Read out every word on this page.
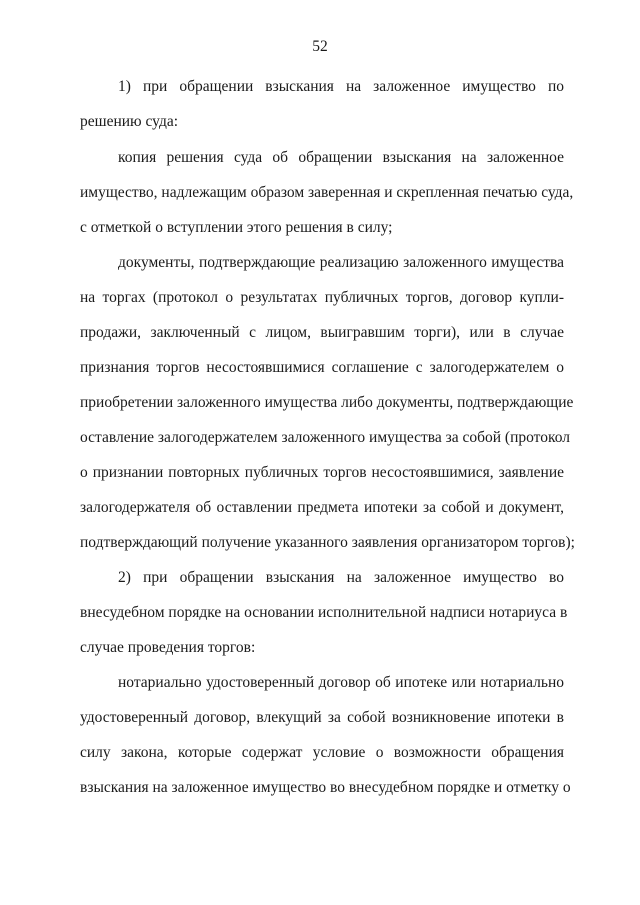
52
1) при обращении взыскания на заложенное имущество по
решению суда:
копия решения суда об обращении взыскания на заложенное
имущество, надлежащим образом заверенная и скрепленная печатью суда,
с отметкой о вступлении этого решения в силу;
документы, подтверждающие реализацию заложенного имущества
на торгах (протокол о результатах публичных торгов, договор купли-
продажи, заключенный с лицом, выигравшим торги), или в случае
признания торгов несостоявшимися соглашение с залогодержателем о
приобретении заложенного имущества либо документы, подтверждающие
оставление залогодержателем заложенного имущества за собой (протокол
о признании повторных публичных торгов несостоявшимися, заявление
залогодержателя об оставлении предмета ипотеки за собой и документ,
подтверждающий получение указанного заявления организатором торгов);
2) при обращении взыскания на заложенное имущество во
внесудебном порядке на основании исполнительной надписи нотариуса в
случае проведения торгов:
нотариально удостоверенный договор об ипотеке или нотариально
удостоверенный договор, влекущий за собой возникновение ипотеки в
силу закона, которые содержат условие о возможности обращения
взыскания на заложенное имущество во внесудебном порядке и отметку о
